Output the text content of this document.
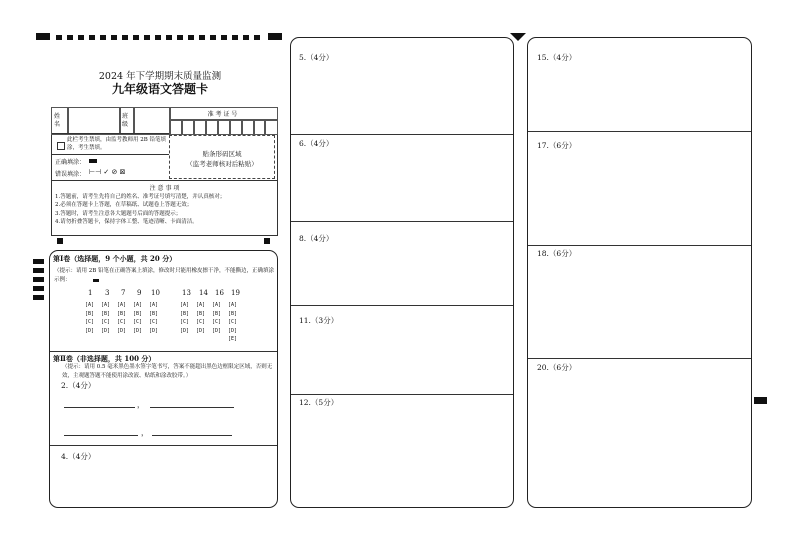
2024 年下学期期末质量监测
九年级语文答题卡
姓名
班级
准 考 证 号
此栏考生禁填，由监考教师用 2B 铅笔填涂，考生禁填。
正确填涂：
错误填涂： ⊢⊣ ✓ ⊘ ⊠
贴条形码区域
（监考老师核对后粘贴）
注 意 事 项
1.答题前，请考生先将自己的姓名、准考证号填写清楚，并认真核对；
2.必须在答题卡上答题，在草稿纸、试题卷上答题无效；
3.答题时，请考生注意各大题题号后面的答题提示；
4.请勿折叠答题卡，保持字体工整、笔迹清晰、卡面清洁。
第Ⅰ卷（选择题，9 个小题，共 20 分）
（提示：请用 2B 铅笔在正确答案上填涂，修改时只能用橡皮擦干净，不能撕边，正确填涂示例：
1 3 7 9 10	13 14 16 19
[A]
[B]
[C]
[D]
[A]
[B]
[C]
[D]
[A]
[B]
[C]
[D]
[A]
[B]
[C]
[D]
[A]
[B]
[C]
[D]
[A]
[B]
[C]
[D]
[A]
[B]
[C]
[D]
[A]
[B]
[C]
[D]
[A]
[B]
[C]
[D]
[E]
第Ⅱ卷（非选择题，共 100 分）
（提示：请用 0.5 毫米黑色墨水签字笔书写，答案不能超出黑色边框限定区域，否则无效，主观题答题不能使用涂改液、贴纸和涂改胶带。）
2.（4分）
，
，
4.（4分）
5.（4分）
6.（4分）
8.（4分）
11.（3分）
12.（5分）
15.（4分）
17.（6分）
18.（6分）
20.（6分）
